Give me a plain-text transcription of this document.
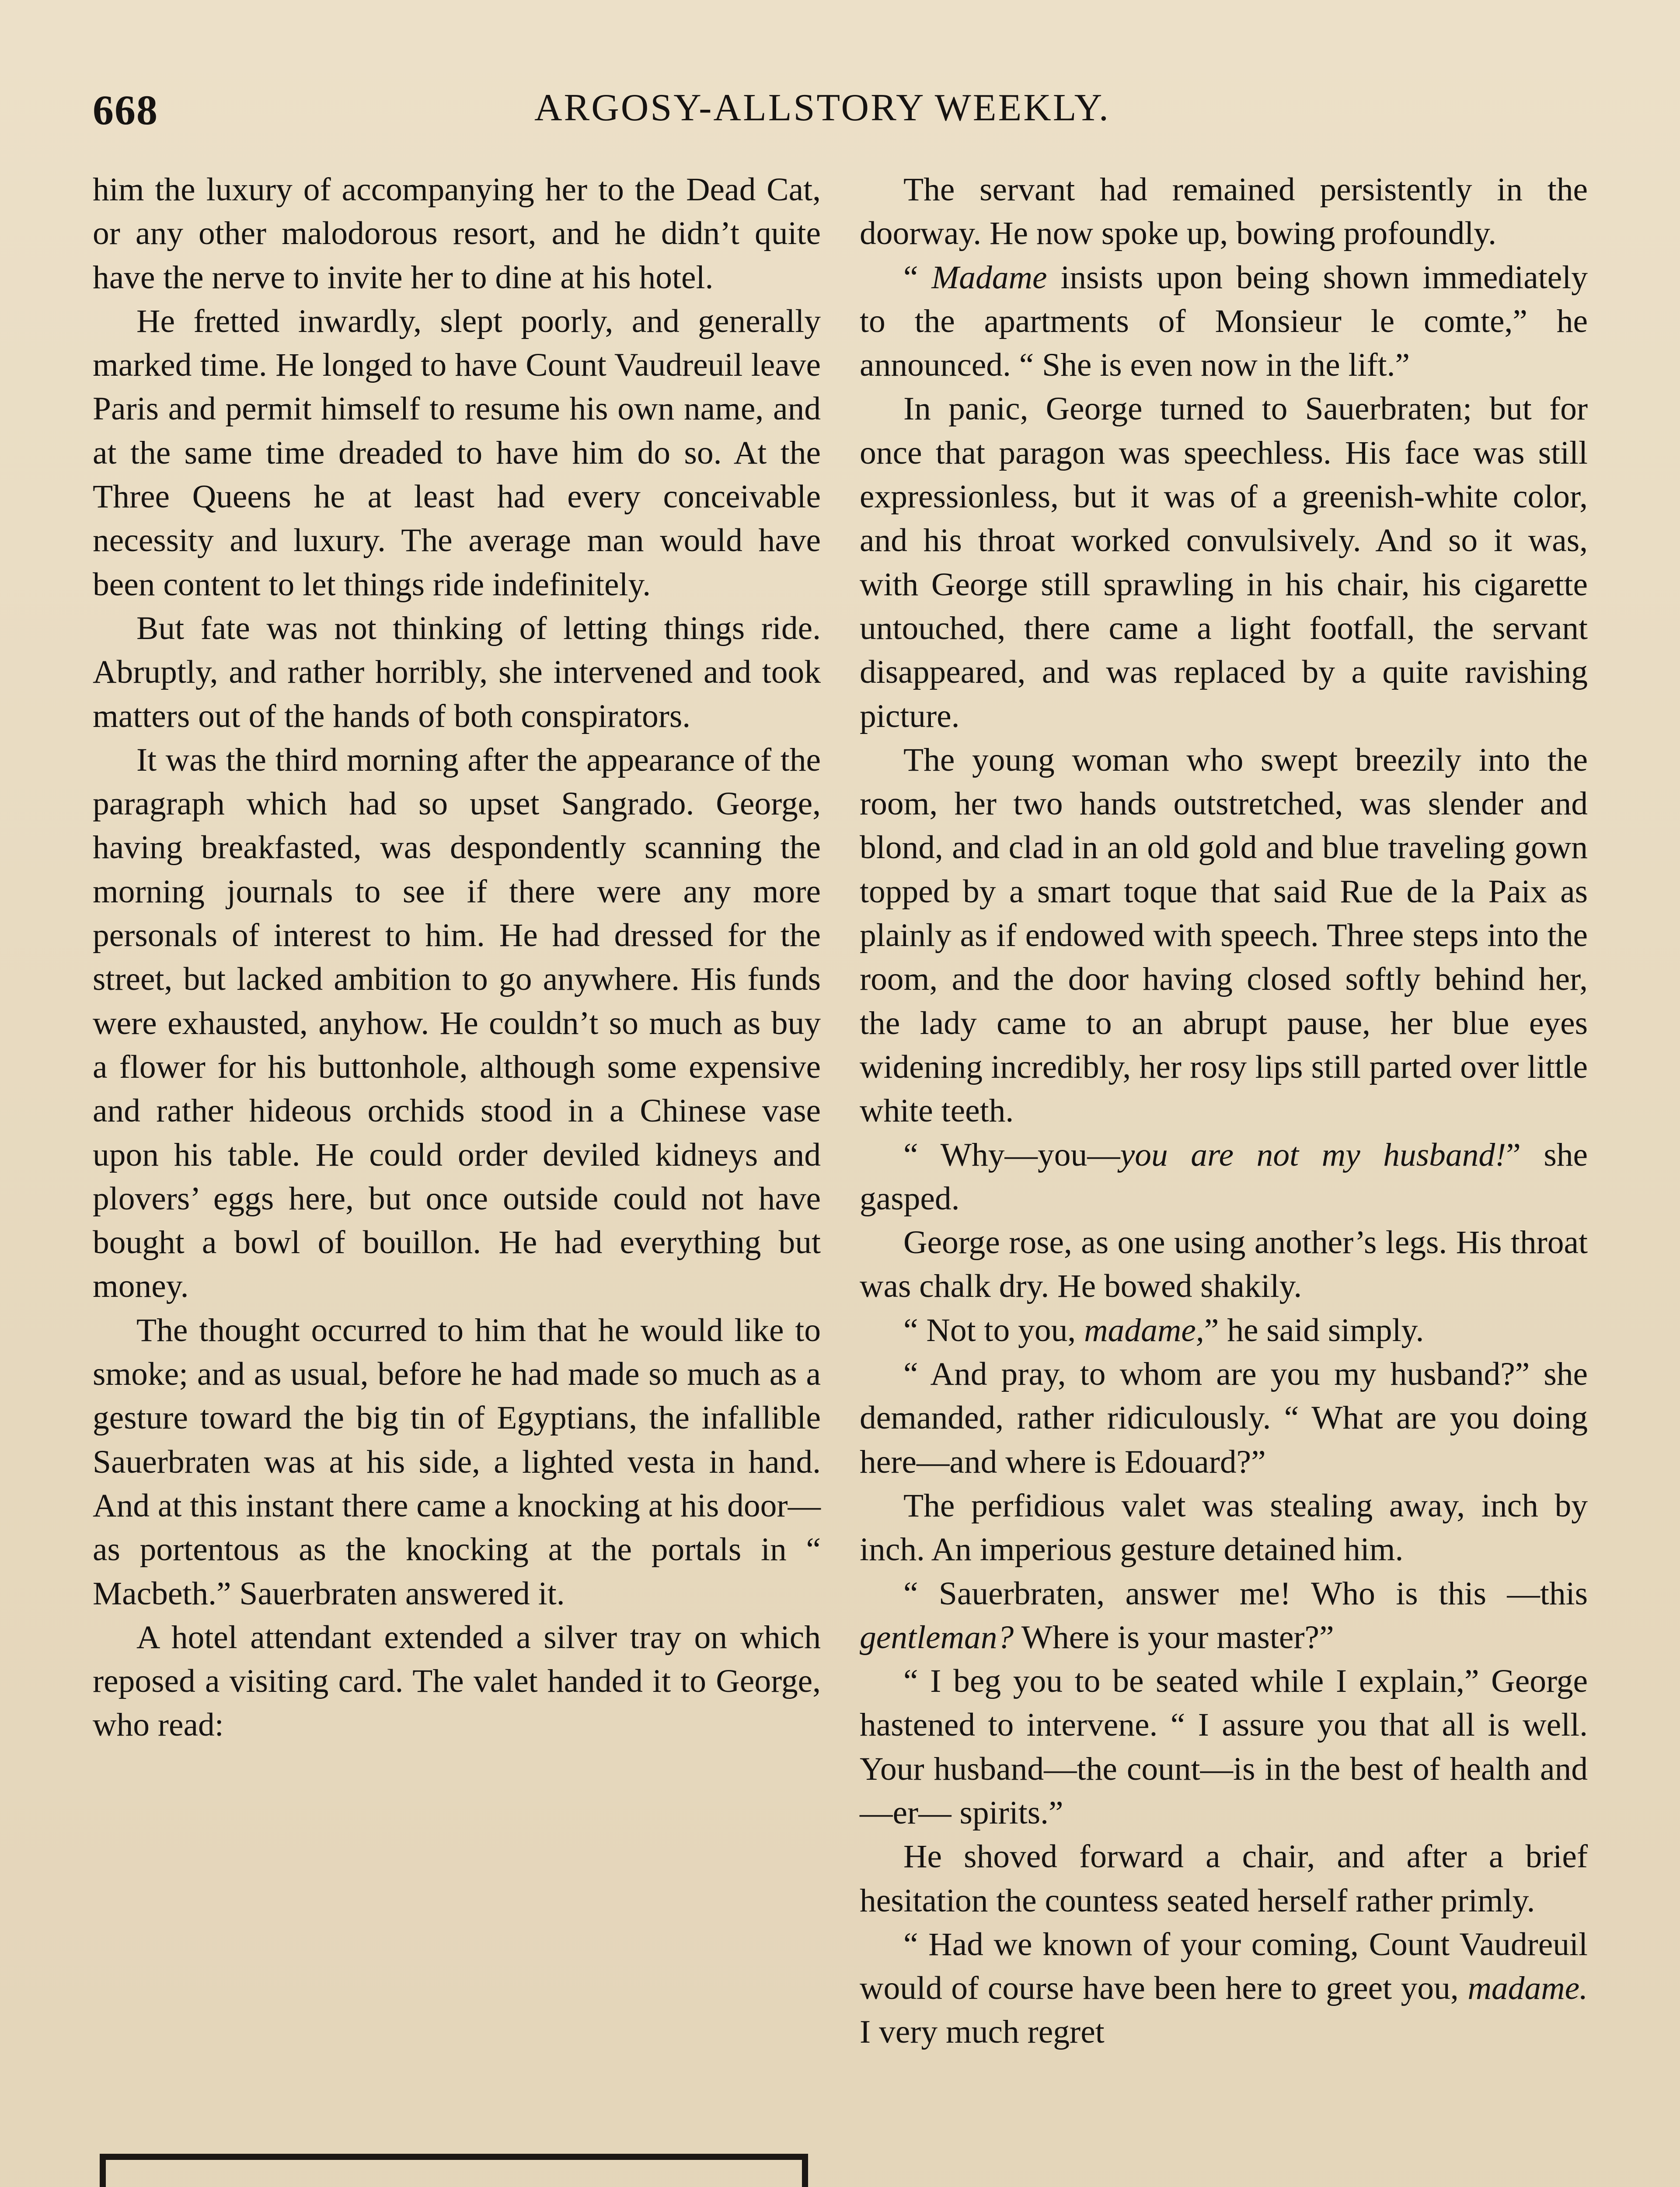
668	ARGOSY-ALLSTORY WEEKLY.

him the luxury of accompanying her to the Dead Cat, or any other malodorous resort, and he didn’t quite have the nerve to invite her to dine at his hotel.

He fretted inwardly, slept poorly, and generally marked time. He longed to have Count Vaudreuil leave Paris and permit himself to resume his own name, and at the same time dreaded to have him do so. At the Three Queens he at least had every conceivable necessity and luxury. The average man would have been content to let things ride indefinitely.

But fate was not thinking of letting things ride. Abruptly, and rather horribly, she intervened and took matters out of the hands of both conspirators.

It was the third morning after the appearance of the paragraph which had so upset Sangrado. George, having breakfasted, was despondently scanning the morning journals to see if there were any more personals of interest to him. He had dressed for the street, but lacked ambition to go anywhere. His funds were exhausted, anyhow. He couldn’t so much as buy a flower for his buttonhole, although some expensive and rather hideous orchids stood in a Chinese vase upon his table. He could order deviled kidneys and plovers’ eggs here, but once outside could not have bought a bowl of bouillon. He had everything but money.

The thought occurred to him that he would like to smoke; and as usual, before he had made so much as a gesture toward the big tin of Egyptians, the infallible Sauerbraten was at his side, a lighted vesta in hand. And at this instant there came a knocking at his door—as portentous as the knocking at the portals in “ Macbeth.” Sauerbraten answered it.

A hotel attendant extended a silver tray on which reposed a visiting card. The valet handed it to George, who read:

The servant had remained persistently in the doorway. He now spoke up, bowing profoundly.

“ Madame insists upon being shown immediately to the apartments of Monsieur le comte,” he announced. “ She is even now in the lift.”

In panic, George turned to Sauerbraten; but for once that paragon was speechless. His face was still expressionless, but it was of a greenish-white color, and his throat worked convulsively. And so it was, with George still sprawling in his chair, his cigarette untouched, there came a light footfall, the servant disappeared, and was replaced by a quite ravishing picture.

The young woman who swept breezily into the room, her two hands outstretched, was slender and blond, and clad in an old gold and blue traveling gown topped by a smart toque that said Rue de la Paix as plainly as if endowed with speech. Three steps into the room, and the door having closed softly behind her, the lady came to an abrupt pause, her blue eyes widening incredibly, her rosy lips still parted over little white teeth.

“ Why—you—you are not my husband!” she gasped.

George rose, as one using another’s legs. His throat was chalk dry. He bowed shakily.

“ Not to you, madame,” he said simply.

“ And pray, to whom are you my husband?” she demanded, rather ridiculously. “ What are you doing here—and where is Edouard?”

The perfidious valet was stealing away, inch by inch. An imperious gesture detained him.

“ Sauerbraten, answer me! Who is this —this gentleman? Where is your master?”

“ I beg you to be seated while I explain,” George hastened to intervene. “ I assure you that all is well. Your husband—the count—is in the best of health and—er— spirits.”

He shoved forward a chair, and after a brief hesitation the countess seated herself rather primly.

“ Had we known of your coming, Count Vaudreuil would of course have been here to greet you, madame. I very much regret
